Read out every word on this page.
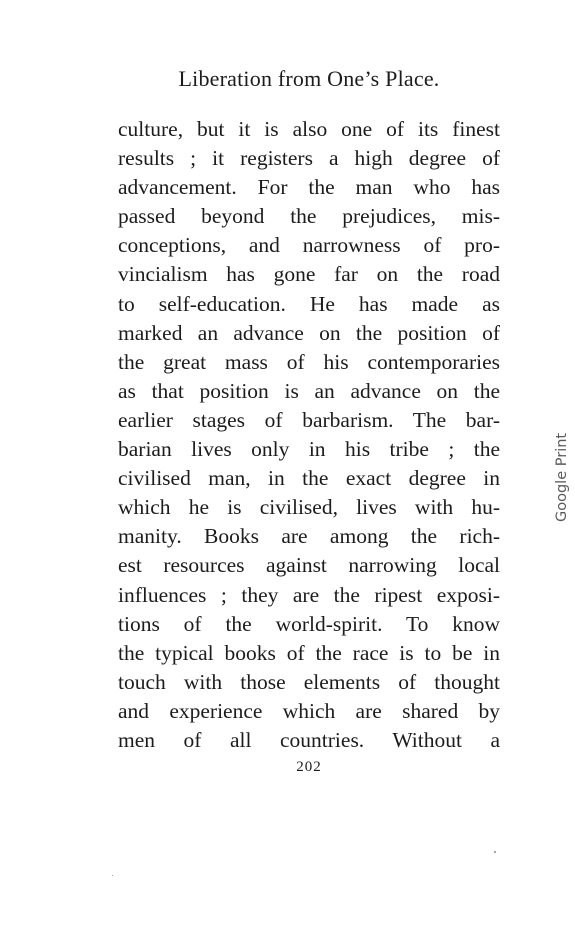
Liberation from One’s Place.
culture, but it is also one of its finest
results ; it registers a high degree of
advancement. For the man who has
passed beyond the prejudices, mis-
conceptions, and narrowness of pro-
vincialism has gone far on the road
to self-education. He has made as
marked an advance on the position of
the great mass of his contemporaries
as that position is an advance on the
earlier stages of barbarism. The bar-
barian lives only in his tribe ; the
civilised man, in the exact degree in
which he is civilised, lives with hu-
manity. Books are among the rich-
est resources against narrowing local
influences ; they are the ripest exposi-
tions of the world-spirit. To know
the typical books of the race is to be in
touch with those elements of thought
and experience which are shared by
men of all countries. Without a
202
Google Print
